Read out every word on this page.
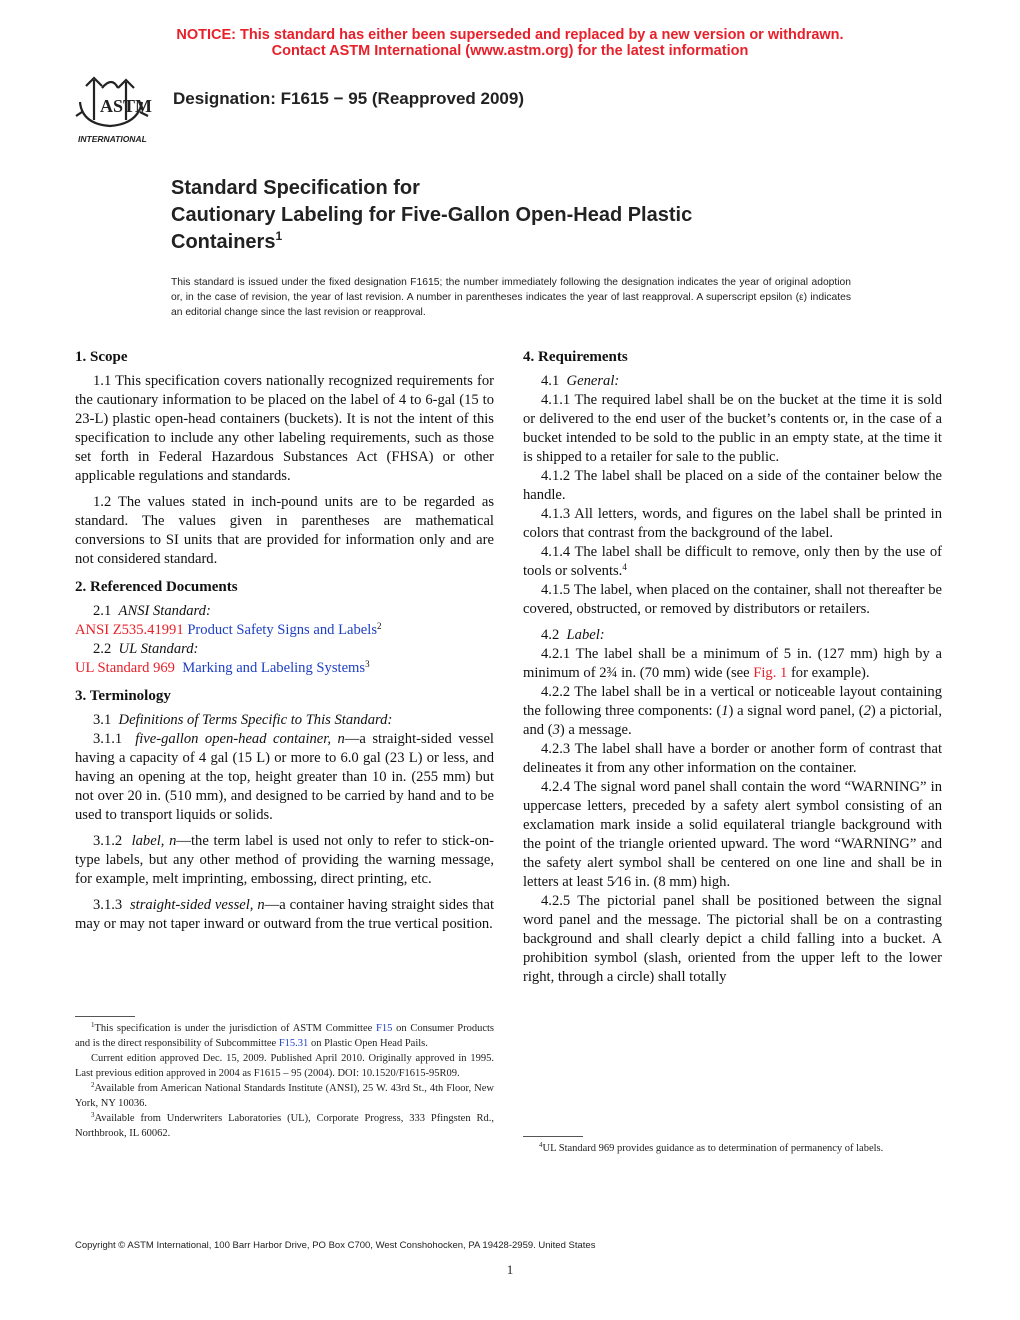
NOTICE: This standard has either been superseded and replaced by a new version or withdrawn.
Contact ASTM International (www.astm.org) for the latest information
ASTM
INTERNATIONAL
Designation: F1615 − 95 (Reapproved 2009)
Standard Specification for
Cautionary Labeling for Five-Gallon Open-Head Plastic
Containers$^1$
This standard is issued under the fixed designation F1615; the number immediately following the designation indicates the year of original adoption or, in the case of revision, the year of last revision. A number in parentheses indicates the year of last reapproval. A superscript epsilon (ε) indicates an editorial change since the last revision or reapproval.
1. Scope

1.1 This specification covers nationally recognized requirements for the cautionary information to be placed on the label of 4 to 6-gal (15 to 23-L) plastic open-head containers (buckets). It is not the intent of this specification to include any other labeling requirements, such as those set forth in Federal Hazardous Substances Act (FHSA) or other applicable regulations and standards.

1.2 The values stated in inch-pound units are to be regarded as standard. The values given in parentheses are mathematical conversions to SI units that are provided for information only and are not considered standard.

2. Referenced Documents

2.1 ANSI Standard:

ANSI Z535.41991 Product Safety Signs and Labels$^2$

2.2 UL Standard:

UL Standard 969 Marking and Labeling Systems$^3$

3. Terminology

3.1 Definitions of Terms Specific to This Standard:

3.1.1 five-gallon open-head container, n—a straight-sided vessel having a capacity of 4 gal (15 L) or more to 6.0 gal (23 L) or less, and having an opening at the top, height greater than 10 in. (255 mm) but not over 20 in. (510 mm), and designed to be carried by hand and to be used to transport liquids or solids.

3.1.2 label, n—the term label is used not only to refer to stick-on-type labels, but any other method of providing the warning message, for example, melt imprinting, embossing, direct printing, etc.

3.1.3 straight-sided vessel, n—a container having straight sides that may or may not taper inward or outward from the true vertical position.

4. Requirements

4.1 General:

4.1.1 The required label shall be on the bucket at the time it is sold or delivered to the end user of the bucket’s contents or, in the case of a bucket intended to be sold to the public in an empty state, at the time it is shipped to a retailer for sale to the public.

4.1.2 The label shall be placed on a side of the container below the handle.

4.1.3 All letters, words, and figures on the label shall be printed in colors that contrast from the background of the label.

4.1.4 The label shall be difficult to remove, only then by the use of tools or solvents.$^4$

4.1.5 The label, when placed on the container, shall not thereafter be covered, obstructed, or removed by distributors or retailers.

4.2 Label:

4.2.1 The label shall be a minimum of 5 in. (127 mm) high by a minimum of 2¾ in. (70 mm) wide (see Fig. 1 for example).

4.2.2 The label shall be in a vertical or noticeable layout containing the following three components: (1) a signal word panel, (2) a pictorial, and (3) a message.

4.2.3 The label shall have a border or another form of contrast that delineates it from any other information on the container.

4.2.4 The signal word panel shall contain the word “WARNING” in uppercase letters, preceded by a safety alert symbol consisting of an exclamation mark inside a solid equilateral triangle background with the point of the triangle oriented upward. The word “WARNING” and the safety alert symbol shall be centered on one line and shall be in letters at least 5⁄16 in. (8 mm) high.

4.2.5 The pictorial panel shall be positioned between the signal word panel and the message. The pictorial shall be on a contrasting background and shall clearly depict a child falling into a bucket. A prohibition symbol (slash, oriented from the upper left to the lower right, through a circle) shall totally

$^1$This specification is under the jurisdiction of ASTM Committee F15 on Consumer Products and is the direct responsibility of Subcommittee F15.31 on Plastic Open Head Pails.

Current edition approved Dec. 15, 2009. Published April 2010. Originally approved in 1995. Last previous edition approved in 2004 as F1615 – 95 (2004). DOI: 10.1520/F1615-95R09.

$^2$Available from American National Standards Institute (ANSI), 25 W. 43rd St., 4th Floor, New York, NY 10036.

$^3$Available from Underwriters Laboratories (UL), Corporate Progress, 333 Pfingsten Rd., Northbrook, IL 60062.

$^4$UL Standard 969 provides guidance as to determination of permanency of labels.

Copyright © ASTM International, 100 Barr Harbor Drive, PO Box C700, West Conshohocken, PA 19428-2959. United States
1
